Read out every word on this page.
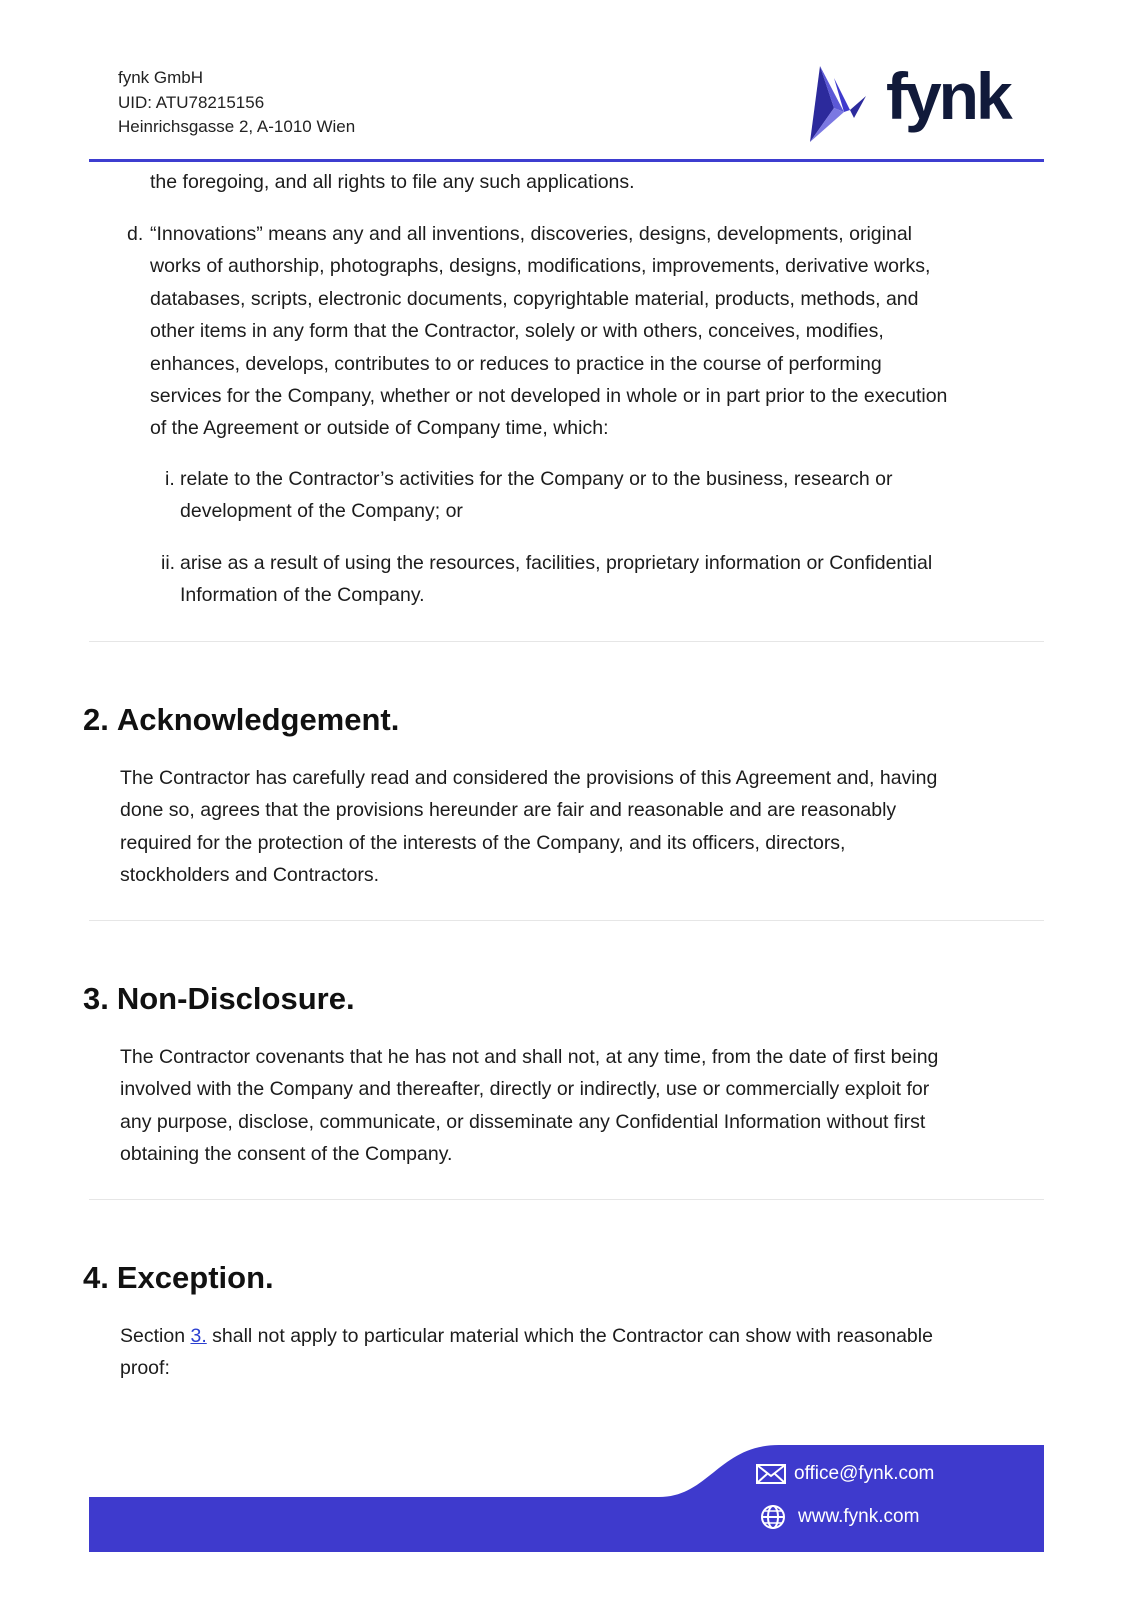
fynk GmbH
UID: ATU78215156
Heinrichsgasse 2, A-1010 Wien	fynk
the foregoing, and all rights to file any such applications.
d. “Innovations” means any and all inventions, discoveries, designs, developments, original
works of authorship, photographs, designs, modifications, improvements, derivative works,
databases, scripts, electronic documents, copyrightable material, products, methods, and
other items in any form that the Contractor, solely or with others, conceives, modifies,
enhances, develops, contributes to or reduces to practice in the course of performing
services for the Company, whether or not developed in whole or in part prior to the execution
of the Agreement or outside of Company time, which:
i. relate to the Contractor’s activities for the Company or to the business, research or
development of the Company; or
ii. arise as a result of using the resources, facilities, proprietary information or Confidential
Information of the Company.
2. Acknowledgement.
The Contractor has carefully read and considered the provisions of this Agreement and, having
done so, agrees that the provisions hereunder are fair and reasonable and are reasonably
required for the protection of the interests of the Company, and its officers, directors,
stockholders and Contractors.
3. Non-Disclosure.
The Contractor covenants that he has not and shall not, at any time, from the date of first being
involved with the Company and thereafter, directly or indirectly, use or commercially exploit for
any purpose, disclose, communicate, or disseminate any Confidential Information without first
obtaining the consent of the Company.
4. Exception.
Section 3. shall not apply to particular material which the Contractor can show with reasonable
proof:
office@fynk.com
www.fynk.com
